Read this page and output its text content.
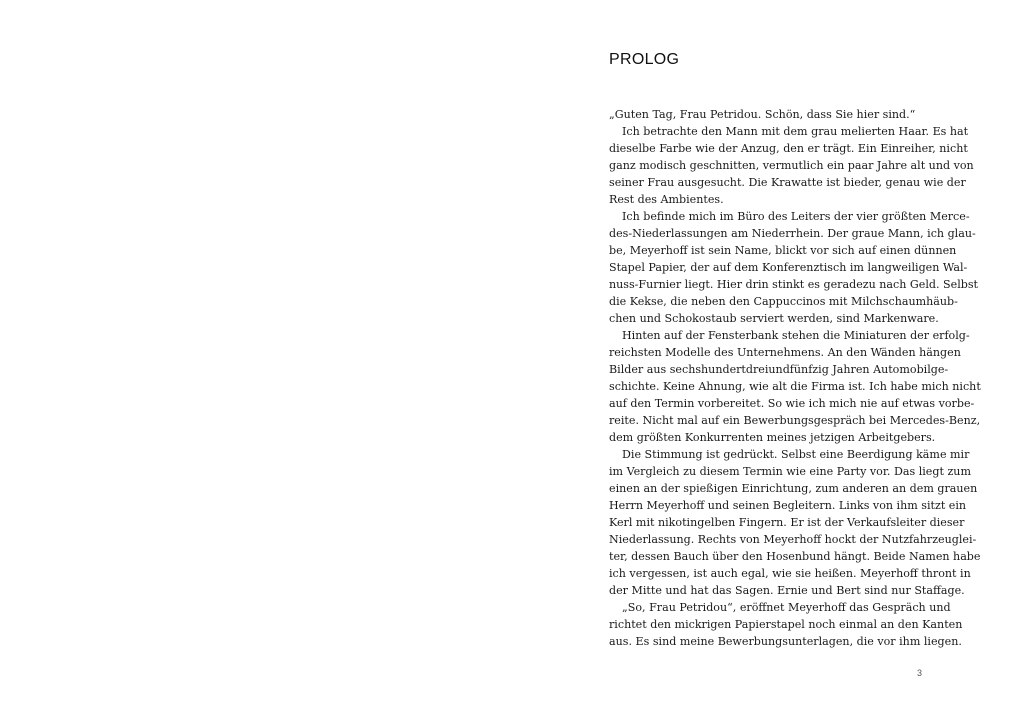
PROLOG
„Guten Tag, Frau Petridou. Schön, dass Sie hier sind.“
Ich betrachte den Mann mit dem grau melierten Haar. Es hat
dieselbe Farbe wie der Anzug, den er trägt. Ein Einreiher, nicht
ganz modisch geschnitten, vermutlich ein paar Jahre alt und von
seiner Frau ausgesucht. Die Krawatte ist bieder, genau wie der
Rest des Ambientes.
Ich befinde mich im Büro des Leiters der vier größten Merce-
des-Niederlassungen am Niederrhein. Der graue Mann, ich glau-
be, Meyerhoff ist sein Name, blickt vor sich auf einen dünnen
Stapel Papier, der auf dem Konferenztisch im langweiligen Wal-
nuss-Furnier liegt. Hier drin stinkt es geradezu nach Geld. Selbst
die Kekse, die neben den Cappuccinos mit Milchschaumhäub-
chen und Schokostaub serviert werden, sind Markenware.
Hinten auf der Fensterbank stehen die Miniaturen der erfolg-
reichsten Modelle des Unternehmens. An den Wänden hängen
Bilder aus sechshundertdreiundfünfzig Jahren Automobilge-
schichte. Keine Ahnung, wie alt die Firma ist. Ich habe mich nicht
auf den Termin vorbereitet. So wie ich mich nie auf etwas vorbe-
reite. Nicht mal auf ein Bewerbungsgespräch bei Mercedes-Benz,
dem größten Konkurrenten meines jetzigen Arbeitgebers.
Die Stimmung ist gedrückt. Selbst eine Beerdigung käme mir
im Vergleich zu diesem Termin wie eine Party vor. Das liegt zum
einen an der spießigen Einrichtung, zum anderen an dem grauen
Herrn Meyerhoff und seinen Begleitern. Links von ihm sitzt ein
Kerl mit nikotingelben Fingern. Er ist der Verkaufsleiter dieser
Niederlassung. Rechts von Meyerhoff hockt der Nutzfahrzeuglei-
ter, dessen Bauch über den Hosenbund hängt. Beide Namen habe
ich vergessen, ist auch egal, wie sie heißen. Meyerhoff thront in
der Mitte und hat das Sagen. Ernie und Bert sind nur Staffage.
„So, Frau Petridou“, eröffnet Meyerhoff das Gespräch und
richtet den mickrigen Papierstapel noch einmal an den Kanten
aus. Es sind meine Bewerbungsunterlagen, die vor ihm liegen.
3
